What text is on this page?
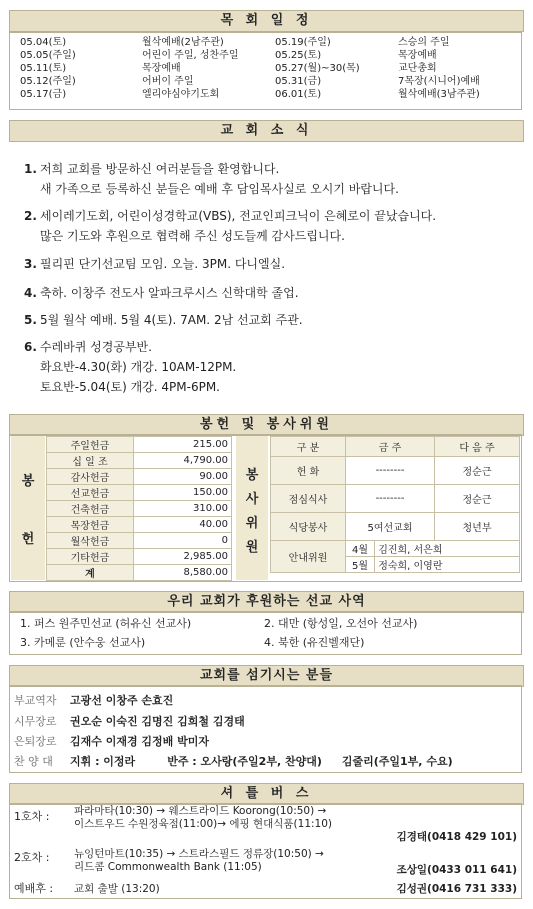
목 회 일 정
05.04(토)	월삭예배(2남주관)
05.05(주일)	어린이 주일, 성찬주일
05.11(토)	목장예배
05.12(주일)	어버이 주일
05.17(금)	엘리야심야기도회
05.19(주일)	스승의 주일
05.25(토)	목장예배
05.27(월)~30(목)	교단총회
05.31(금)	7목장(시니어)예배
06.01(토)	월삭예배(3남주관)
교 회 소 식
1. 저희 교회를 방문하신 여러분들을 환영합니다.
새 가족으로 등록하신 분들은 예배 후 담임목사실로 오시기 바랍니다.
2. 세이레기도회, 어린이성경학교(VBS), 전교인피크닉이 은혜로이 끝났습니다.
많은 기도와 후원으로 협력해 주신 성도들께 감사드립니다.
3. 필리핀 단기선교팀 모임. 오늘. 3PM. 다니엘실.
4. 축하. 이창주 전도사 알파크루시스 신학대학 졸업.
5. 5월 월삭 예배. 5월 4(토). 7AM. 2남 선교회 주관.
6. 수레바퀴 성경공부반.
화요반-4.30(화) 개강. 10AM-12PM.
토요반-5.04(토) 개강. 4PM-6PM.
봉헌 및 봉사위원
봉
헌
주일헌금	215.00
십 일 조	4,790.00
감사헌금	90.00
선교헌금	150.00
건축헌금	310.00
목장헌금	40.00
월삭헌금	0
기타헌금	2,985.00
계	8,580.00
봉
사
위
원
구 분	금 주	다 음 주
헌 화	--------	정순근
점심식사	--------	정순근
식당봉사	5여선교회	청년부
안내위원	4월 김진희, 서은희	
	5월 정숙희, 이영란	
우리 교회가 후원하는 선교 사역
1. 퍼스 원주민선교 (허유신 선교사)	2. 대만 (항성일, 오선아 선교사)
3. 카메룬 (안수웅 선교사)	4. 북한 (유진벨재단)
교회를 섬기시는 분들
부교역자 고광선 이창주 손효진
시무장로 권오순 이숙진 김명진 김희철 김경태
은퇴장로 김재수 이재경 김정배 박미자
찬 양 대 지휘 : 이정라	반주 : 오사랑(주일2부, 찬양대) 김줄리(주일1부, 수요)
셔 틀 버 스
1호차 : 파라마타(10:30) → 웨스트라이드 Koorong(10:50) →
이스트우드 수원정육점(11:00)→ 에핑 현대식품(11:10)
김경태(0418 429 101)
2호차 : 뉴잉턴마트(10:35) → 스트라스필드 정류장(10:50) →
리드콤 Commonwealth Bank (11:05)	조상일(0433 011 641)
예배후 : 교회 출발 (13:20)	김성권(0416 731 333)
